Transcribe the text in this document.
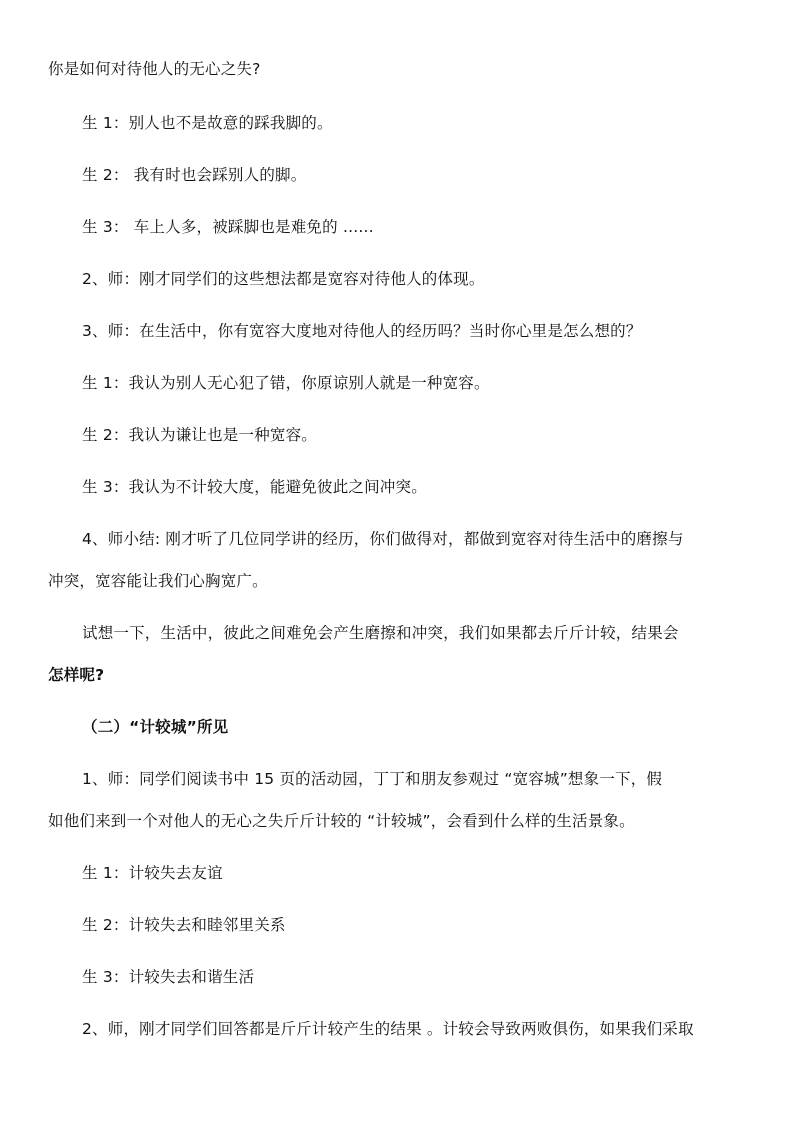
你是如何对待他人的无心之失?
生 1：别人也不是故意的踩我脚的。
生 2： 我有时也会踩别人的脚。
生 3： 车上人多，被踩脚也是难免的 ......
2、师：刚才同学们的这些想法都是宽容对待他人的体现。
3、师：在生活中，你有宽容大度地对待他人的经历吗？当时你心里是怎么想的？
生 1：我认为别人无心犯了错，你原谅别人就是一种宽容。
生 2：我认为谦让也是一种宽容。
生 3：我认为不计较大度，能避免彼此之间冲突。
4、师小结: 刚才听了几位同学讲的经历，你们做得对，都做到宽容对待生活中的磨擦与
冲突，宽容能让我们心胸宽广。
试想一下，生活中，彼此之间难免会产生磨擦和冲突，我们如果都去斤斤计较，结果会
怎样呢?
（二）“计较城”所见
1、师：同学们阅读书中 15 页的活动园，丁丁和朋友参观过 “宽容城”想象一下，假
如他们来到一个对他人的无心之失斤斤计较的 “计较城”，会看到什么样的生活景象。
生 1：计较失去友谊
生 2：计较失去和睦邻里关系
生 3：计较失去和谐生活
2、师，刚才同学们回答都是斤斤计较产生的结果 。计较会导致两败俱伤，如果我们采取
